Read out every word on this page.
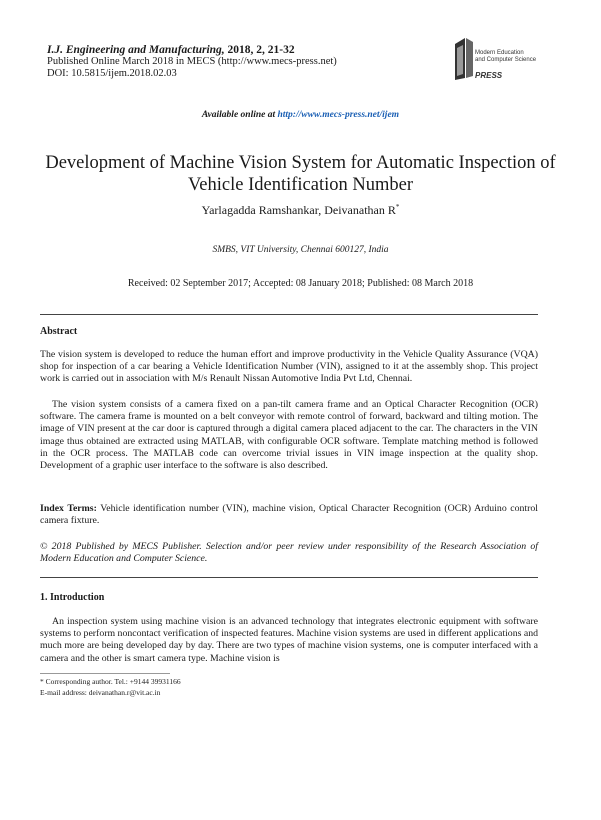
I.J. Engineering and Manufacturing, 2018, 2, 21-32
Published Online March 2018 in MECS (http://www.mecs-press.net)
DOI: 10.5815/ijem.2018.02.03
Modern Education
and Computer Science
PRESS
Available online at http://www.mecs-press.net/ijem
Development of Machine Vision System for Automatic Inspection of Vehicle Identification Number
Yarlagadda Ramshankar, Deivanathan R*
SMBS, VIT University, Chennai 600127, India
Received: 02 September 2017; Accepted: 08 January 2018; Published: 08 March 2018
Abstract
The vision system is developed to reduce the human effort and improve productivity in the Vehicle Quality Assurance (VQA) shop for inspection of a car bearing a Vehicle Identification Number (VIN), assigned to it at the assembly shop. This project work is carried out in association with M/s Renault Nissan Automotive India Pvt Ltd, Chennai.
The vision system consists of a camera fixed on a pan-tilt camera frame and an Optical Character Recognition (OCR) software. The camera frame is mounted on a belt conveyor with remote control of forward, backward and tilting motion. The image of VIN present at the car door is captured through a digital camera placed adjacent to the car. The characters in the VIN image thus obtained are extracted using MATLAB, with configurable OCR software. Template matching method is followed in the OCR process. The MATLAB code can overcome trivial issues in VIN image inspection at the quality shop. Development of a graphic user interface to the software is also described.
Index Terms: Vehicle identification number (VIN), machine vision, Optical Character Recognition (OCR) Arduino control camera fixture.
© 2018 Published by MECS Publisher. Selection and/or peer review under responsibility of the Research Association of Modern Education and Computer Science.
1. Introduction
An inspection system using machine vision is an advanced technology that integrates electronic equipment with software systems to perform noncontact verification of inspected features. Machine vision systems are used in different applications and much more are being developed day by day. There are two types of machine vision systems, one is computer interfaced with a camera and the other is smart camera type. Machine vision is
* Corresponding author. Tel.: +9144 39931166
E-mail address: deivanathan.r@vit.ac.in
